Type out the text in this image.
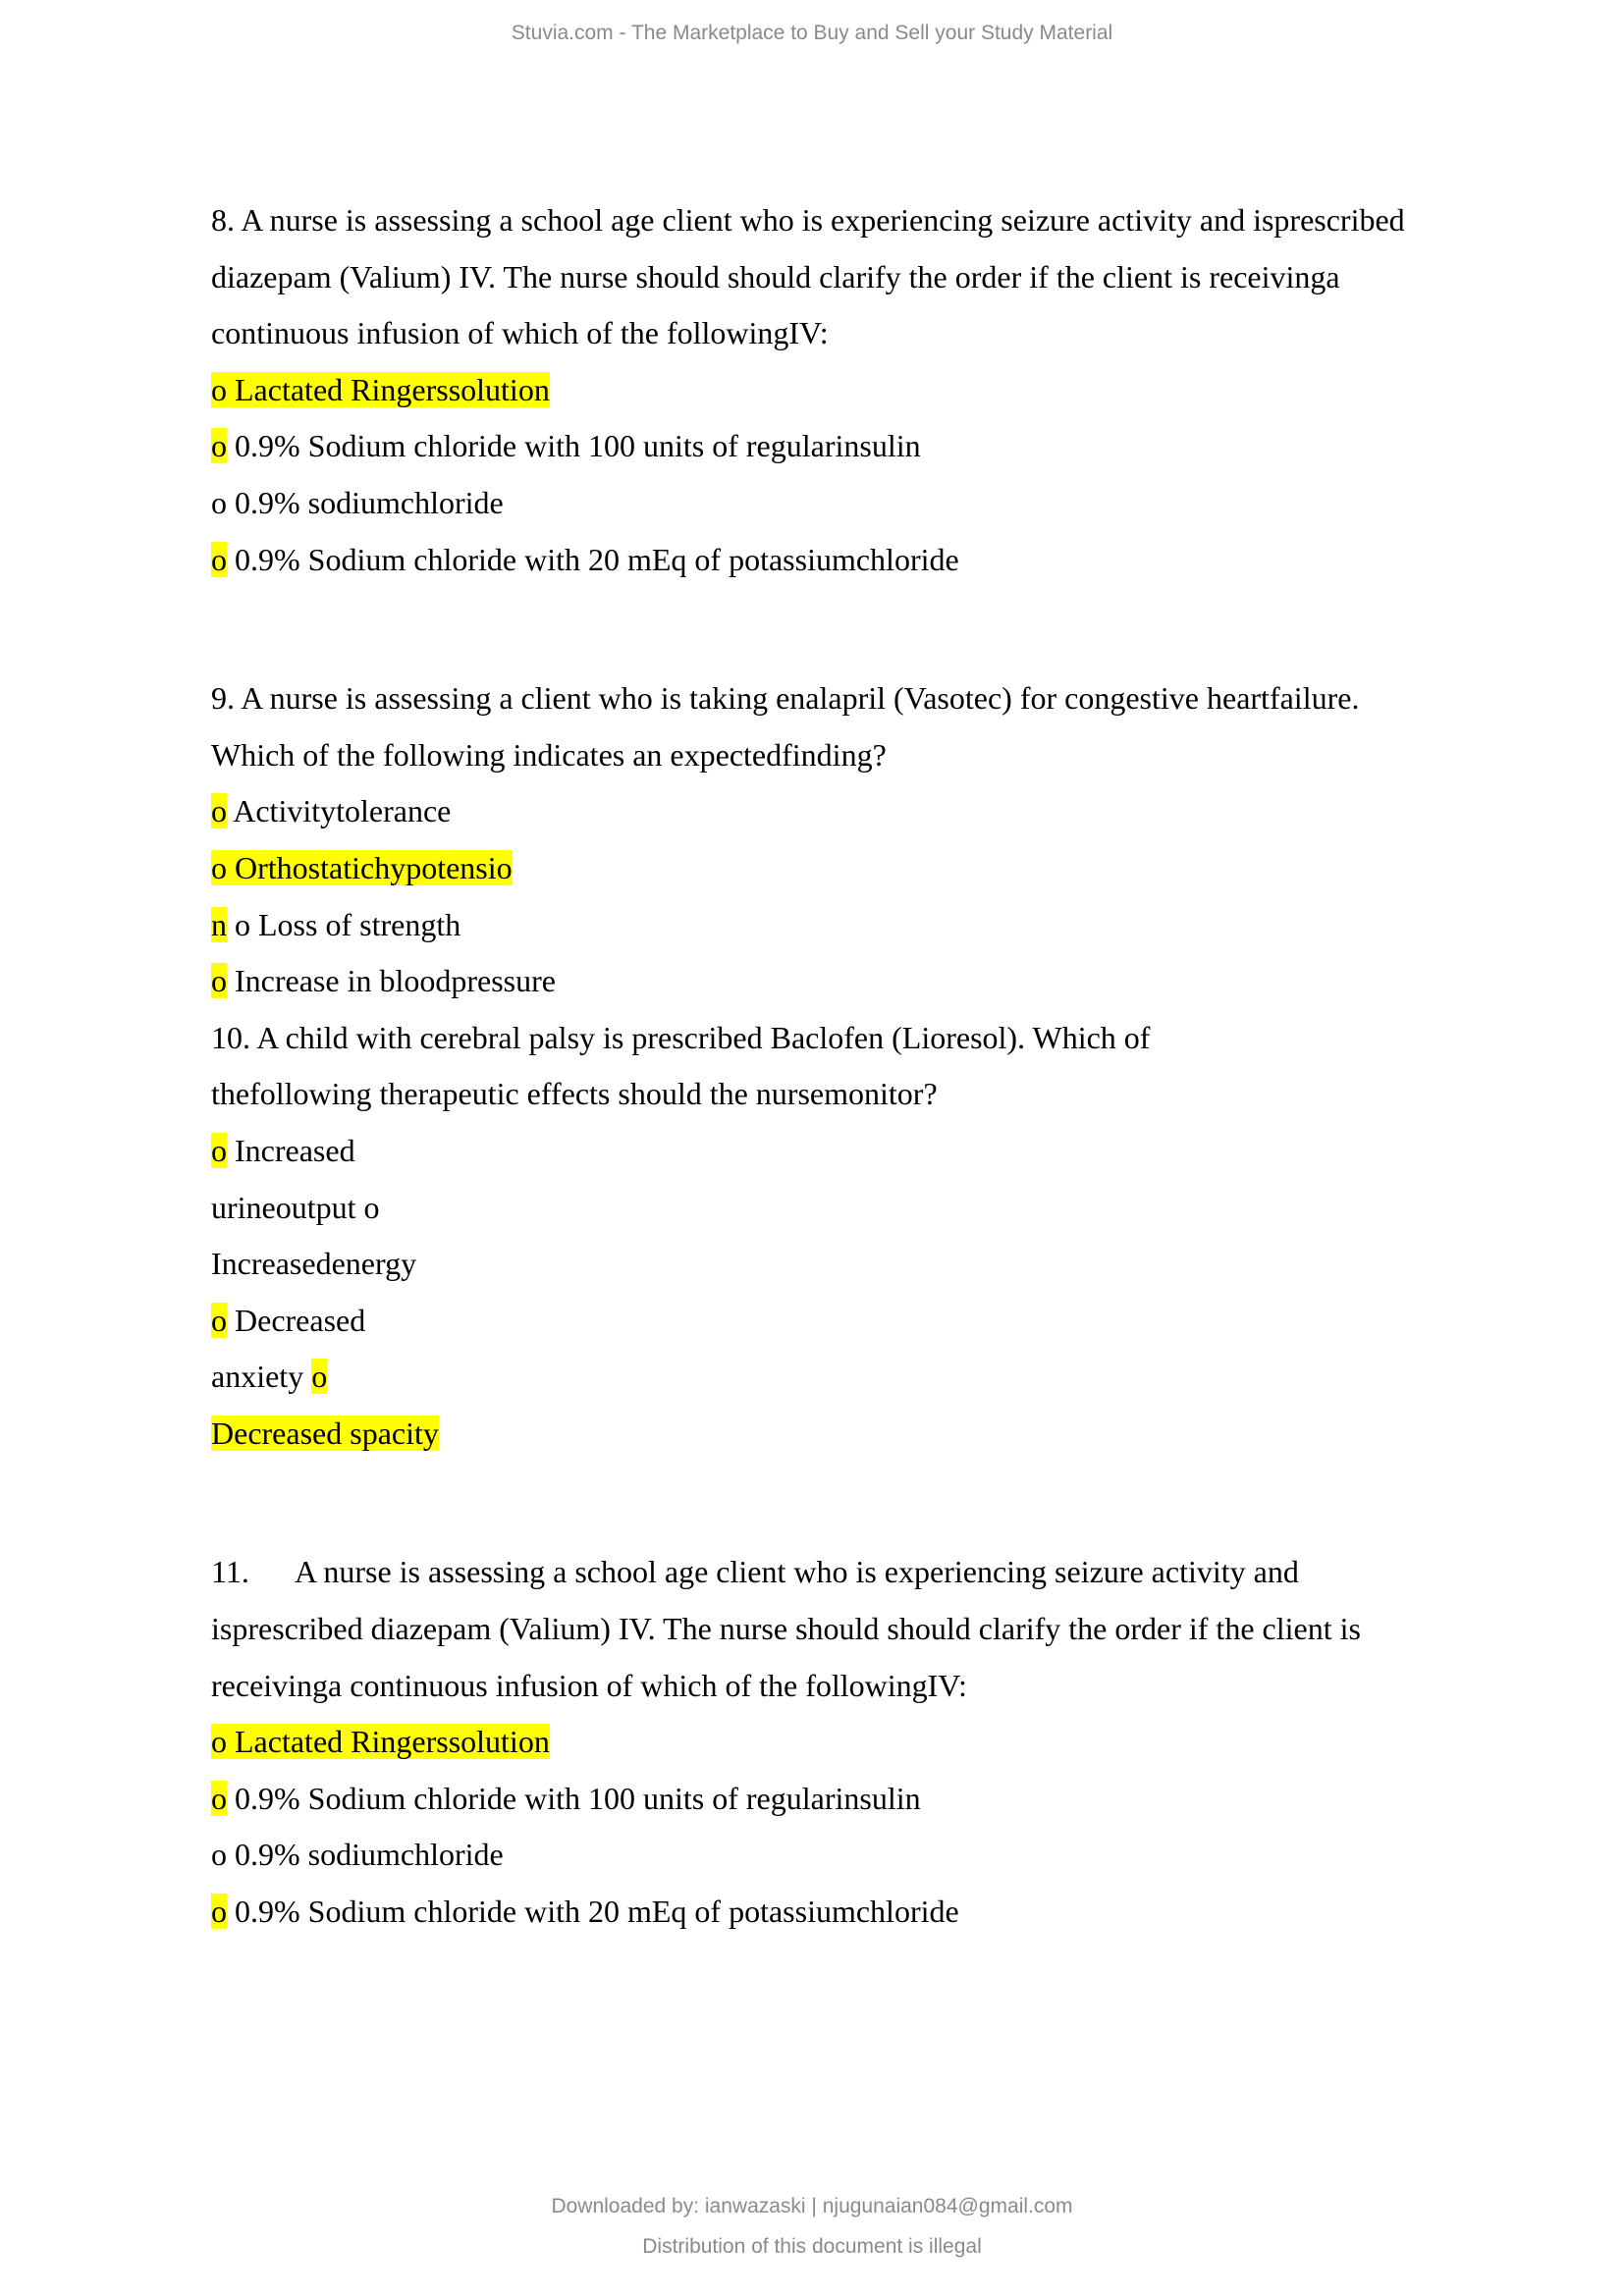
Stuvia.com - The Marketplace to Buy and Sell your Study Material
8. A nurse is assessing a school age client who is experiencing seizure activity and isprescribed
diazepam (Valium) IV. The nurse should should clarify the order if the client is receivinga
continuous infusion of which of the followingIV:
o Lactated Ringerssolution
o 0.9% Sodium chloride with 100 units of regularinsulin
o 0.9% sodiumchloride
o 0.9% Sodium chloride with 20 mEq of potassiumchloride
9. A nurse is assessing a client who is taking enalapril (Vasotec) for congestive heartfailure.
Which of the following indicates an expectedfinding?
o Activitytolerance
o Orthostatichypotensio
n o Loss of strength
o Increase in bloodpressure
10. A child with cerebral palsy is prescribed Baclofen (Lioresol). Which of
thefollowing therapeutic effects should the nursemonitor?
o Increased
urineoutput o
Increasedenergy
o Decreased
anxiety o
Decreased spacity
11. A nurse is assessing a school age client who is experiencing seizure activity and
isprescribed diazepam (Valium) IV. The nurse should should clarify the order if the client is
receivinga continuous infusion of which of the followingIV:
o Lactated Ringerssolution
o 0.9% Sodium chloride with 100 units of regularinsulin
o 0.9% sodiumchloride
o 0.9% Sodium chloride with 20 mEq of potassiumchloride
Downloaded by: ianwazaski | njugunaian084@gmail.com
Distribution of this document is illegal
